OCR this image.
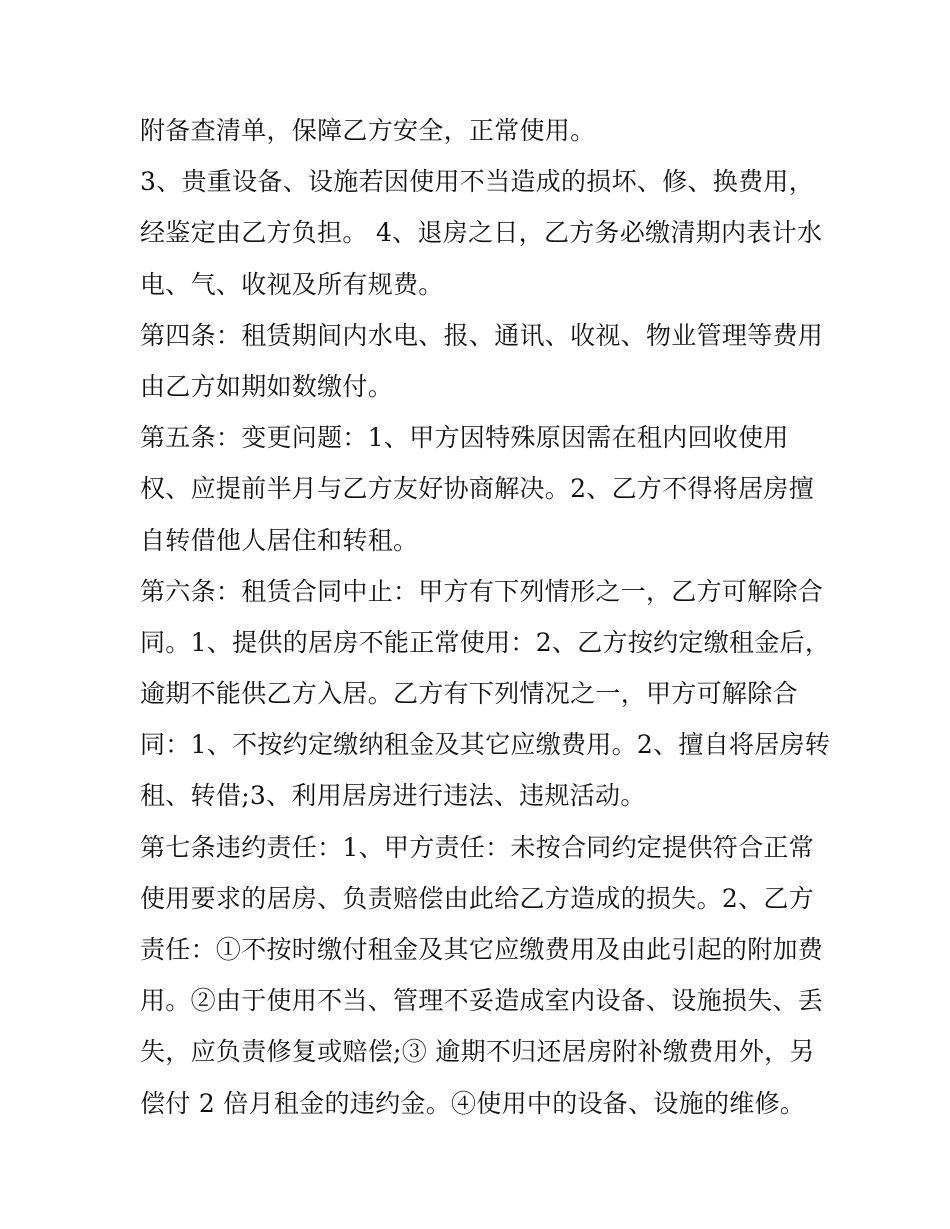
附备查清单，保障乙方安全，正常使用。
3、贵重设备、设施若因使用不当造成的损坏、修、换费用，
经鉴定由乙方负担。 4、退房之日，乙方务必缴清期内表计水
电、气、收视及所有规费。
第四条：租赁期间内水电、报、通讯、收视、物业管理等费用
由乙方如期如数缴付。
第五条：变更问题：1、甲方因特殊原因需在租内回收使用
权、应提前半月与乙方友好协商解决。2、乙方不得将居房擅
自转借他人居住和转租。
第六条：租赁合同中止：甲方有下列情形之一，乙方可解除合
同。1、提供的居房不能正常使用：2、乙方按约定缴租金后，
逾期不能供乙方入居。乙方有下列情况之一，甲方可解除合
同：1、不按约定缴纳租金及其它应缴费用。2、擅自将居房转
租、转借;3、利用居房进行违法、违规活动。
第七条违约责任：1、甲方责任：未按合同约定提供符合正常
使用要求的居房、负责赔偿由此给乙方造成的损失。2、乙方
责任：①不按时缴付租金及其它应缴费用及由此引起的附加费
用。②由于使用不当、管理不妥造成室内设备、设施损失、丢
失，应负责修复或赔偿;③ 逾期不归还居房附补缴费用外，另
偿付 2 倍月租金的违约金。④使用中的设备、设施的维修。
